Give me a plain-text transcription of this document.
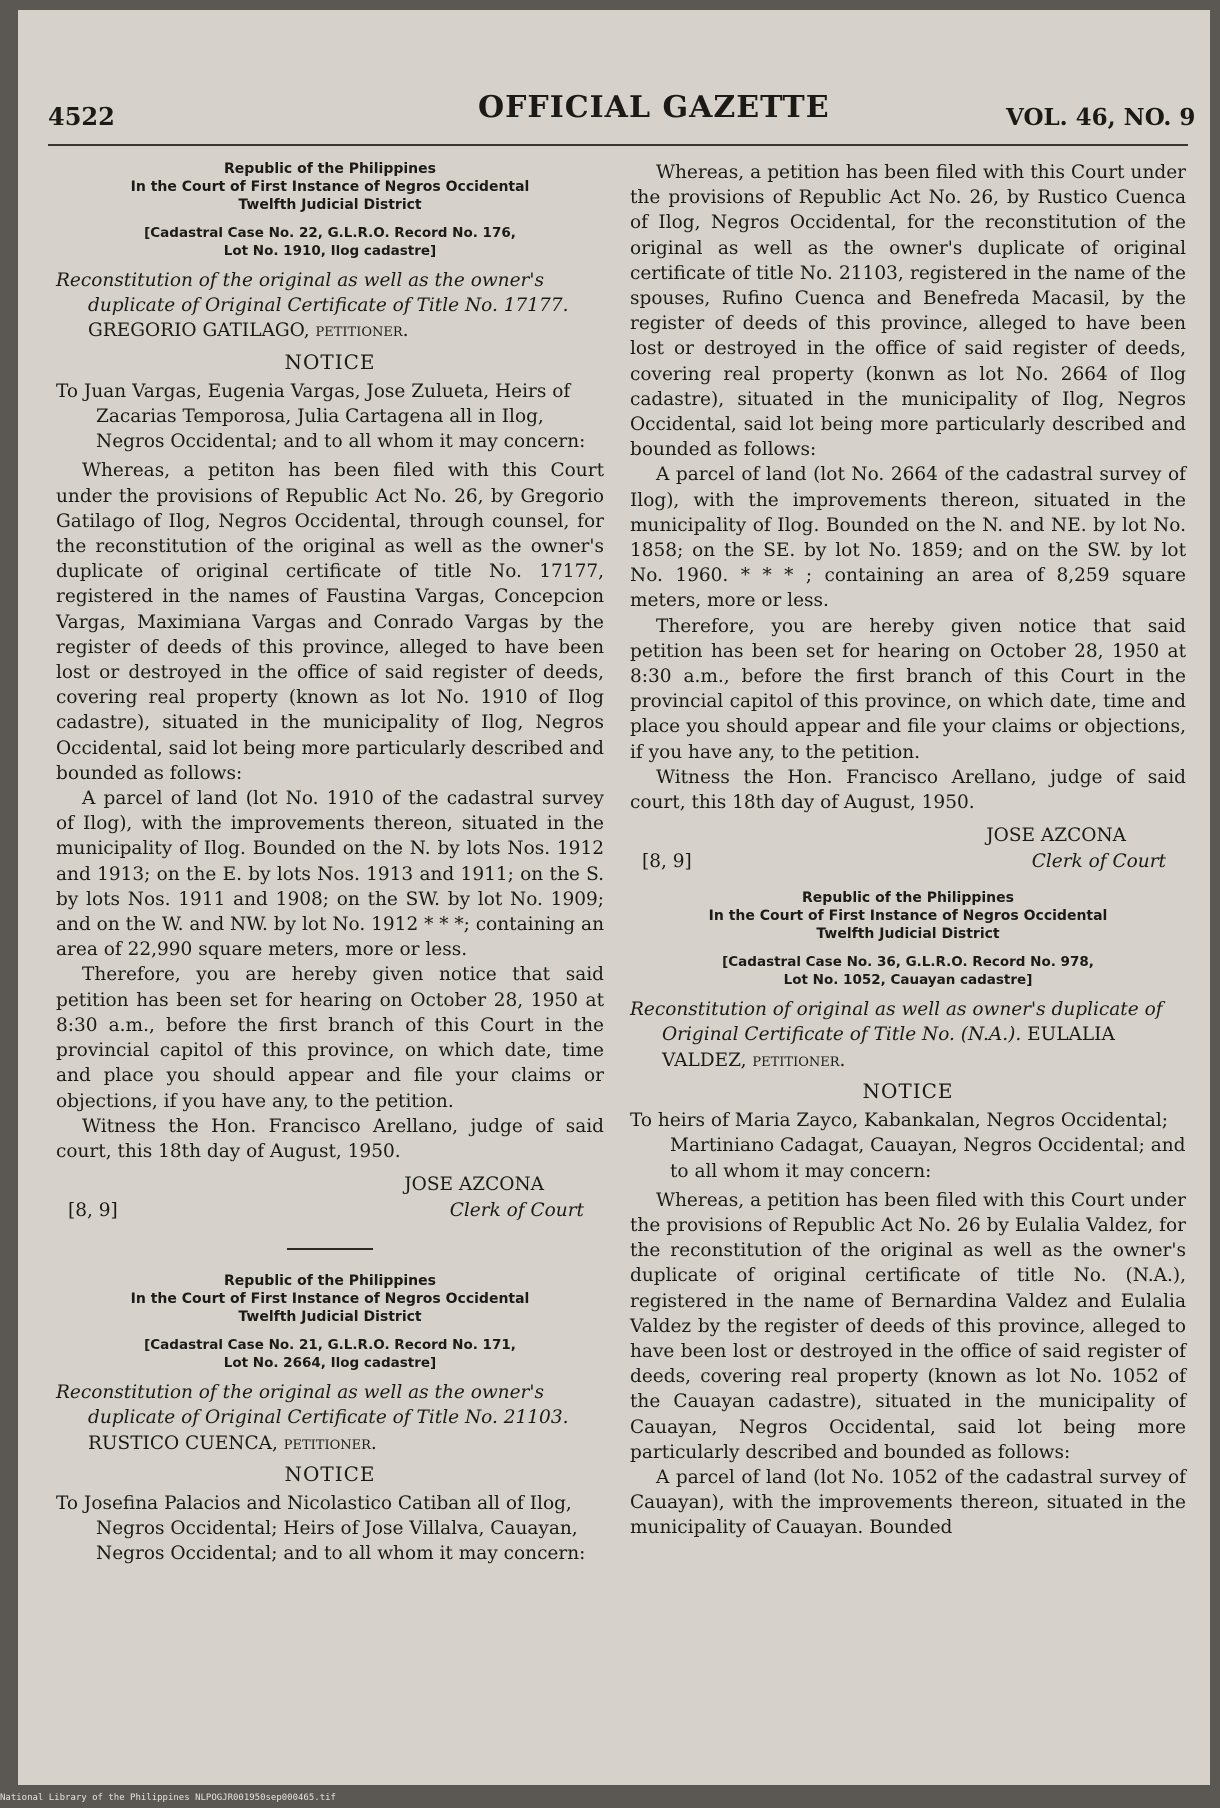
4522	OFFICIAL GAZETTE	VOL. 46, NO. 9
Republic of the Philippines
In the Court of First Instance of Negros Occidental
Twelfth Judicial District
[Cadastral Case No. 22, G.L.R.O. Record No. 176,
Lot No. 1910, Ilog cadastre]
Reconstitution of the original as well as the owner's duplicate of Original Certificate of Title No. 17177. GREGORIO GATILAGO, petitioner.
NOTICE
To Juan Vargas, Eugenia Vargas, Jose Zulueta, Heirs of Zacarias Temporosa, Julia Cartagena all in Ilog, Negros Occidental; and to all whom it may concern:

Whereas, a petiton has been filed with this Court under the provisions of Republic Act No. 26, by Gregorio Gatilago of Ilog, Negros Occidental, through counsel, for the reconstitution of the original as well as the owner's duplicate of original certificate of title No. 17177, registered in the names of Faustina Vargas, Concepcion Vargas, Maximiana Vargas and Conrado Vargas by the register of deeds of this province, alleged to have been lost or destroyed in the office of said register of deeds, covering real property (known as lot No. 1910 of Ilog cadastre), situated in the municipality of Ilog, Negros Occidental, said lot being more particularly described and bounded as follows:

A parcel of land (lot No. 1910 of the cadastral survey of Ilog), with the improvements thereon, situated in the municipality of Ilog. Bounded on the N. by lots Nos. 1912 and 1913; on the E. by lots Nos. 1913 and 1911; on the S. by lots Nos. 1911 and 1908; on the SW. by lot No. 1909; and on the W. and NW. by lot No. 1912 * * *; containing an area of 22,990 square meters, more or less.

Therefore, you are hereby given notice that said petition has been set for hearing on October 28, 1950 at 8:30 a.m., before the first branch of this Court in the provincial capitol of this province, on which date, time and place you should appear and file your claims or objections, if you have any, to the petition.

Witness the Hon. Francisco Arellano, judge of said court, this 18th day of August, 1950.

JOSE AZCONA
[8, 9]	Clerk of Court
Republic of the Philippines
In the Court of First Instance of Negros Occidental
Twelfth Judicial District
[Cadastral Case No. 21, G.L.R.O. Record No. 171,
Lot No. 2664, Ilog cadastre]
Reconstitution of the original as well as the owner's duplicate of Original Certificate of Title No. 21103. RUSTICO CUENCA, petitioner.
NOTICE
To Josefina Palacios and Nicolastico Catiban all of Ilog, Negros Occidental; Heirs of Jose Villalva, Cauayan, Negros Occidental; and to all whom it may concern:

Whereas, a petition has been filed with this Court under the provisions of Republic Act No. 26, by Rustico Cuenca of Ilog, Negros Occidental, for the reconstitution of the original as well as the owner's duplicate of original certificate of title No. 21103, registered in the name of the spouses, Rufino Cuenca and Benefreda Macasil, by the register of deeds of this province, alleged to have been lost or destroyed in the office of said register of deeds, covering real property (konwn as lot No. 2664 of Ilog cadastre), situated in the municipality of Ilog, Negros Occidental, said lot being more particularly described and bounded as follows:

A parcel of land (lot No. 2664 of the cadastral survey of Ilog), with the improvements thereon, situated in the municipality of Ilog. Bounded on the N. and NE. by lot No. 1858; on the SE. by lot No. 1859; and on the SW. by lot No. 1960. * * * ; containing an area of 8,259 square meters, more or less.

Therefore, you are hereby given notice that said petition has been set for hearing on October 28, 1950 at 8:30 a.m., before the first branch of this Court in the provincial capitol of this province, on which date, time and place you should appear and file your claims or objections, if you have any, to the petition.

Witness the Hon. Francisco Arellano, judge of said court, this 18th day of August, 1950.

JOSE AZCONA
[8, 9]	Clerk of Court
Republic of the Philippines
In the Court of First Instance of Negros Occidental
Twelfth Judicial District
[Cadastral Case No. 36, G.L.R.O. Record No. 978,
Lot No. 1052, Cauayan cadastre]
Reconstitution of original as well as owner's duplicate of Original Certificate of Title No. (N.A.). EULALIA VALDEZ, petitioner.
NOTICE
To heirs of Maria Zayco, Kabankalan, Negros Occidental; Martiniano Cadagat, Cauayan, Negros Occidental; and to all whom it may concern:

Whereas, a petition has been filed with this Court under the provisions of Republic Act No. 26 by Eulalia Valdez, for the reconstitution of the original as well as the owner's duplicate of original certificate of title No. (N.A.), registered in the name of Bernardina Valdez and Eulalia Valdez by the register of deeds of this province, alleged to have been lost or destroyed in the office of said register of deeds, covering real property (known as lot No. 1052 of the Cauayan cadastre), situated in the municipality of Cauayan, Negros Occidental, said lot being more particularly described and bounded as follows:

A parcel of land (lot No. 1052 of the cadastral survey of Cauayan), with the improvements thereon, situated in the municipality of Cauayan. Bounded

National Library of the Philippines NLPOGJR001950sep000465.tif
